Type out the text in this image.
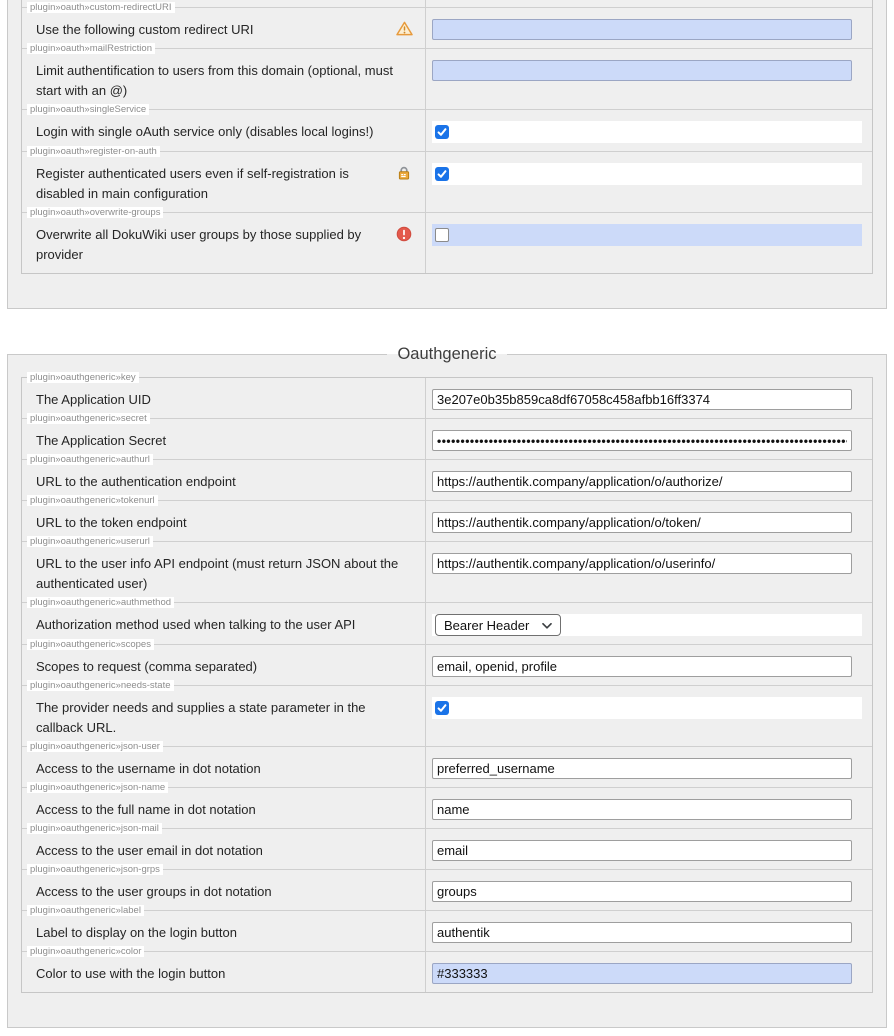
plugin»oauth»custom-redirectURI
Use the following custom redirect URI
plugin»oauth»mailRestriction
Limit authentification to users from this domain (optional, must start with an @)
plugin»oauth»singleService
Login with single oAuth service only (disables local logins!)
plugin»oauth»register-on-auth
Register authenticated users even if self-registration is disabled in main configuration
plugin»oauth»overwrite-groups
Overwrite all DokuWiki user groups by those supplied by provider
Oauthgeneric
plugin»oauthgeneric»key
The Application UID
3e207e0b35b859ca8df67058c458afbb16ff3374
plugin»oauthgeneric»secret
The Application Secret
••••••••••••••••••••••••••••••••••••••••••••••••••••••••••••••••••••••••••••••••••••••••••••••••••••
plugin»oauthgeneric»authurl
URL to the authentication endpoint
https://authentik.company/application/o/authorize/
plugin»oauthgeneric»tokenurl
URL to the token endpoint
https://authentik.company/application/o/token/
plugin»oauthgeneric»userurl
URL to the user info API endpoint (must return JSON about the authenticated user)
https://authentik.company/application/o/userinfo/
plugin»oauthgeneric»authmethod
Authorization method used when talking to the user API	Bearer Header
plugin»oauthgeneric»scopes
Scopes to request (comma separated)
email, openid, profile
plugin»oauthgeneric»needs-state
The provider needs and supplies a state parameter in the callback URL.
plugin»oauthgeneric»json-user
Access to the username in dot notation
preferred_username
plugin»oauthgeneric»json-name
Access to the full name in dot notation
name
plugin»oauthgeneric»json-mail
Access to the user email in dot notation
email
plugin»oauthgeneric»json-grps
Access to the user groups in dot notation
groups
plugin»oauthgeneric»label
Label to display on the login button
authentik
plugin»oauthgeneric»color
Color to use with the login button
#333333
